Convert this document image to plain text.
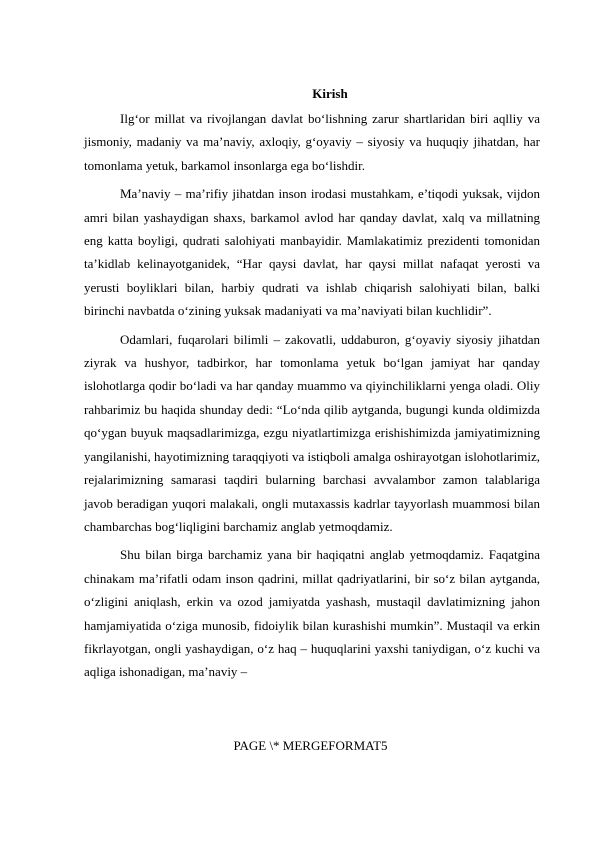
Kirish

Ilg‘or millat va rivojlangan davlat bo‘lishning zarur shartlaridan biri aqlliy va jismoniy, madaniy va ma’naviy, axloqiy, g‘oyaviy – siyosiy va huquqiy jihatdan, har tomonlama yetuk, barkamol insonlarga ega bo‘lishdir.

Ma’naviy – ma’rifiy jihatdan inson irodasi mustahkam, e’tiqodi yuksak, vijdon amri bilan yashaydigan shaxs, barkamol avlod har qanday davlat, xalq va millatning eng katta boyligi, qudrati salohiyati manbayidir. Mamlakatimiz prezidenti tomonidan ta’kidlab kelinayotganidek, “Har qaysi davlat, har qaysi millat nafaqat yerosti va yerusti boyliklari bilan, harbiy qudrati va ishlab chiqarish salohiyati bilan, balki birinchi navbatda o‘zining yuksak madaniyati va ma’naviyati bilan kuchlidir”.

Odamlari, fuqarolari bilimli – zakovatli, uddaburon, g‘oyaviy siyosiy jihatdan ziyrak va hushyor, tadbirkor, har tomonlama yetuk bo‘lgan jamiyat har qanday islohotlarga qodir bo‘ladi va har qanday muammo va qiyinchiliklarni yenga oladi. Oliy rahbarimiz bu haqida shunday dedi: “Lo‘nda qilib aytganda, bugungi kunda oldimizda qo‘ygan buyuk maqsadlarimizga, ezgu niyatlartimizga erishishimizda jamiyatimizning yangilanishi, hayotimizning taraqqiyoti va istiqboli amalga oshirayotgan islohotlarimiz, rejalarimizning samarasi taqdiri bularning barchasi avvalambor zamon talablariga javob beradigan yuqori malakali, ongli mutaxassis kadrlar tayyorlash muammosi bilan chambarchas bog‘liqligini barchamiz anglab yetmoqdamiz.

Shu bilan birga barchamiz yana bir haqiqatni anglab yetmoqdamiz. Faqatgina chinakam ma’rifatli odam inson qadrini, millat qadriyatlarini, bir so‘z bilan aytganda, o‘zligini aniqlash, erkin va ozod jamiyatda yashash, mustaqil davlatimizning jahon hamjamiyatida o‘ziga munosib, fidoiylik bilan kurashishi mumkin”. Mustaqil va erkin fikrlayotgan, ongli yashaydigan, o‘z haq – huquqlarini yaxshi taniydigan, o‘z kuchi va aqliga ishonadigan, ma’naviy –

PAGE \* MERGEFORMAT5
